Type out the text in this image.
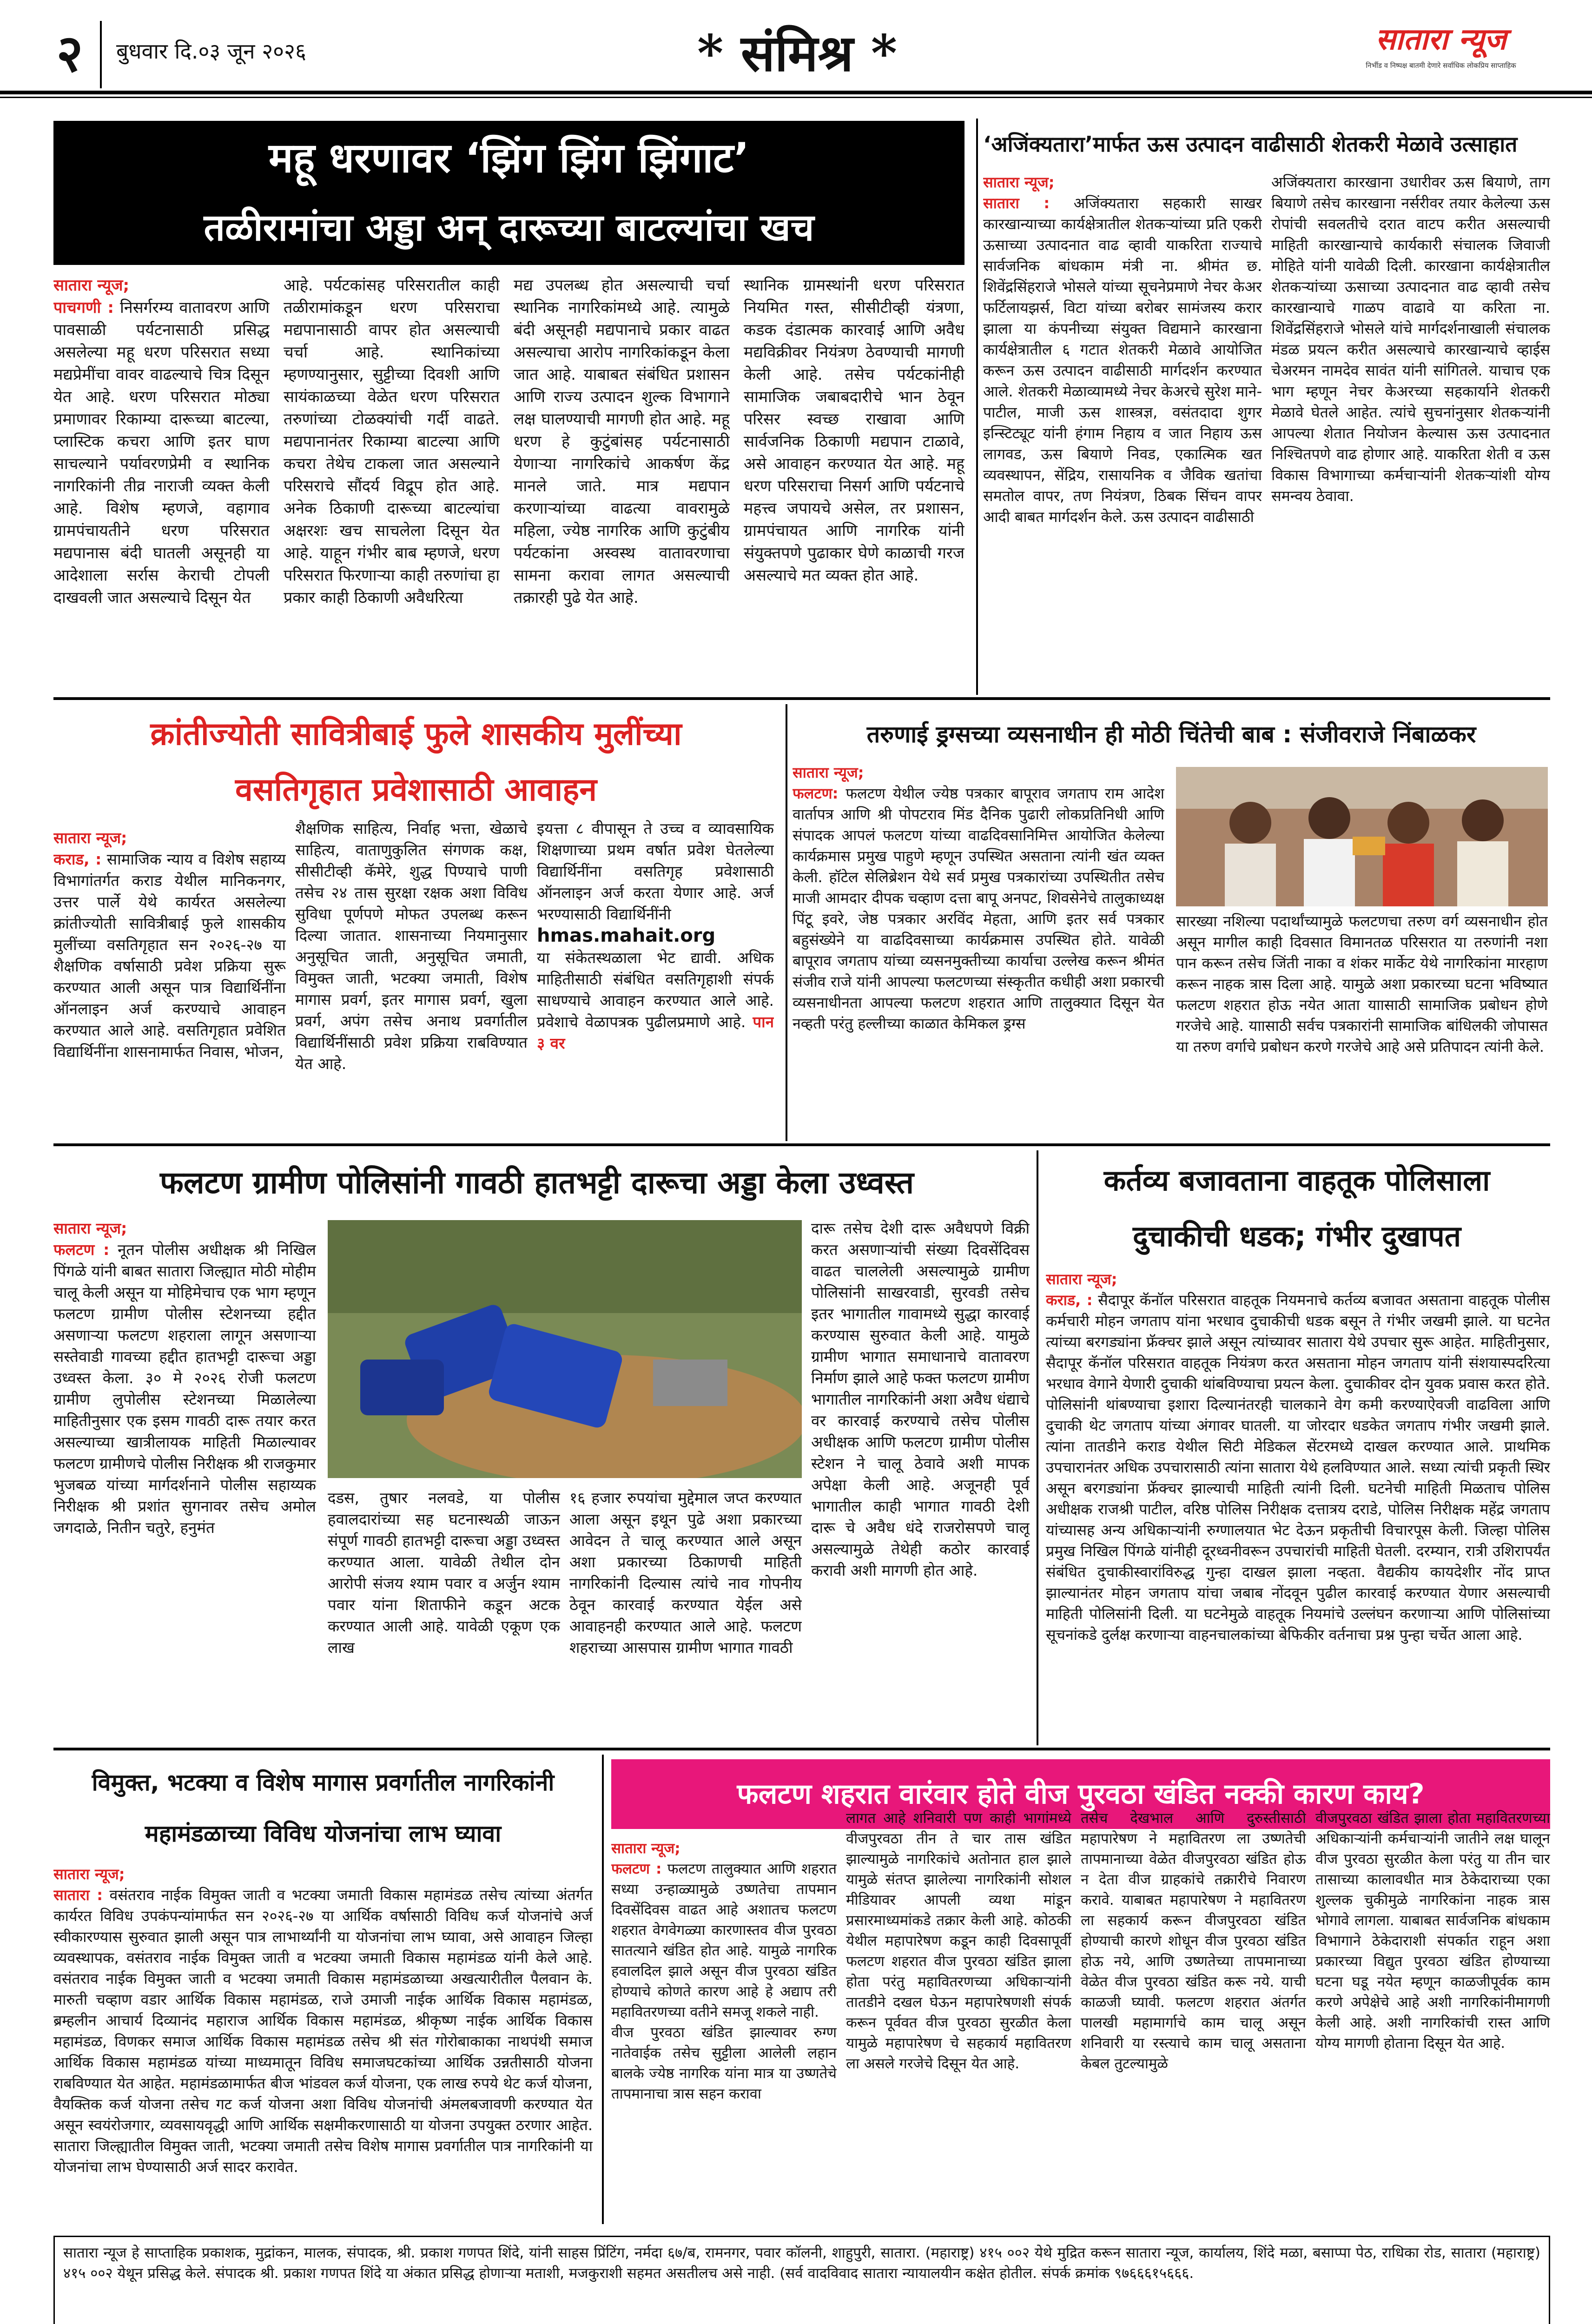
२	बुधवार दि.०३ जून २०२६	* संमिश्र *	सातारा न्यूज
निर्भीड व निष्पक्ष बातमी देणारे सर्वाधिक लोकप्रिय साप्ताहिक
महू धरणावर ‘झिंग झिंग झिंगाट’
तळीरामांचा अड्डा अन् दारूच्या बाटल्यांचा खच
सातारा न्यूज;
पाचगणी : निसर्गरम्य वातावरण आणि पावसाळी पर्यटनासाठी प्रसिद्ध असलेल्या महू धरण परिसरात सध्या मद्यप्रेमींचा वावर वाढल्याचे चित्र दिसून येत आहे. धरण परिसरात मोठ्या प्रमाणावर रिकाम्या दारूच्या बाटल्या, प्लास्टिक कचरा आणि इतर घाण साचल्याने पर्यावरणप्रेमी व स्थानिक नागरिकांनी तीव्र नाराजी व्यक्त केली आहे. विशेष म्हणजे, वहागाव ग्रामपंचायतीने धरण परिसरात मद्यपानास बंदी घातली असूनही या आदेशाला सर्रास केराची टोपली दाखवली जात असल्याचे दिसून येत
आहे. पर्यटकांसह परिसरातील काही तळीरामांकडून धरण परिसराचा मद्यपानासाठी वापर होत असल्याची चर्चा आहे. स्थानिकांच्या म्हणण्यानुसार, सुट्टीच्या दिवशी आणि सायंकाळच्या वेळेत धरण परिसरात तरुणांच्या टोळक्यांची गर्दी वाढते. मद्यपानानंतर रिकाम्या बाटल्या आणि कचरा तेथेच टाकला जात असल्याने परिसराचे सौंदर्य विद्रूप होत आहे. अनेक ठिकाणी दारूच्या बाटल्यांचा अक्षरशः खच साचलेला दिसून येत आहे. याहून गंभीर बाब म्हणजे, धरण परिसरात फिरणाऱ्या काही तरुणांचा हा प्रकार काही ठिकाणी अवैधरित्या
मद्य उपलब्ध होत असल्याची चर्चा स्थानिक नागरिकांमध्ये आहे. त्यामुळे बंदी असूनही मद्यपानाचे प्रकार वाढत असल्याचा आरोप नागरिकांकडून केला जात आहे. याबाबत संबंधित प्रशासन आणि राज्य उत्पादन शुल्क विभागाने लक्ष घालण्याची मागणी होत आहे. महू धरण हे कुटुंबांसह पर्यटनासाठी येणाऱ्या नागरिकांचे आकर्षण केंद्र मानले जाते. मात्र मद्यपान करणाऱ्यांच्या वाढत्या वावरामुळे महिला, ज्येष्ठ नागरिक आणि कुटुंबीय पर्यटकांना अस्वस्थ वातावरणाचा सामना करावा लागत असल्याची तक्रारही पुढे येत आहे.
स्थानिक ग्रामस्थांनी धरण परिसरात नियमित गस्त, सीसीटीव्ही यंत्रणा, कडक दंडात्मक कारवाई आणि अवैध मद्यविक्रीवर नियंत्रण ठेवण्याची मागणी केली आहे. तसेच पर्यटकांनीही सामाजिक जबाबदारीचे भान ठेवून परिसर स्वच्छ राखावा आणि सार्वजनिक ठिकाणी मद्यपान टाळावे, असे आवाहन करण्यात येत आहे. महू धरण परिसराचा निसर्ग आणि पर्यटनाचे महत्त्व जपायचे असेल, तर प्रशासन, ग्रामपंचायत आणि नागरिक यांनी संयुक्तपणे पुढाकार घेणे काळाची गरज असल्याचे मत व्यक्त होत आहे.
‘अजिंक्यतारा’मार्फत ऊस उत्पादन वाढीसाठी शेतकरी मेळावे उत्साहात
सातारा न्यूज;
सातारा : अजिंक्यतारा सहकारी साखर कारखान्याच्या कार्यक्षेत्रातील शेतकऱ्यांच्या प्रति एकरी ऊसाच्या उत्पादनात वाढ व्हावी याकरिता राज्याचे सार्वजनिक बांधकाम मंत्री ना. श्रीमंत छ. शिवेंद्रसिंहराजे भोसले यांच्या सूचनेप्रमाणे नेचर केअर फर्टिलायझर्स, विटा यांच्या बरोबर सामंजस्य करार झाला या कंपनीच्या संयुक्त विद्यमाने कारखाना कार्यक्षेत्रातील ६ गटात शेतकरी मेळावे आयोजित करून ऊस उत्पादन वाढीसाठी मार्गदर्शन करण्यात आले. शेतकरी मेळाव्यामध्ये नेचर केअरचे सुरेश माने-पाटील, माजी ऊस शास्त्रज्ञ, वसंतदादा शुगर इन्स्टिट्यूट यांनी हंगाम निहाय व जात निहाय ऊस लागवड, ऊस बियाणे निवड, एकात्मिक खत व्यवस्थापन, सेंद्रिय, रासायनिक व जैविक खतांचा समतोल वापर, तण नियंत्रण, ठिबक सिंचन वापर आदी बाबत मार्गदर्शन केले. ऊस उत्पादन वाढीसाठी
अजिंक्यतारा कारखाना उधारीवर ऊस बियाणे, ताग बियाणे तसेच कारखाना नर्सरीवर तयार केलेल्या ऊस रोपांची सवलतीचे दरात वाटप करीत असल्याची माहिती कारखान्याचे कार्यकारी संचालक जिवाजी मोहिते यांनी यावेळी दिली. कारखाना कार्यक्षेत्रातील शेतकऱ्यांच्या ऊसाच्या उत्पादनात वाढ व्हावी तसेच कारखान्याचे गाळप वाढावे या करिता ना. शिवेंद्रसिंहराजे भोसले यांचे मार्गदर्शनाखाली संचालक मंडळ प्रयत्न करीत असल्याचे कारखान्याचे व्हाईस चेअरमन नामदेव सावंत यांनी सांगितले. याचाच एक भाग म्हणून नेचर केअरच्या सहकार्याने शेतकरी मेळावे घेतले आहेत. त्यांचे सुचनांनुसार शेतकऱ्यांनी आपल्या शेतात नियोजन केल्यास ऊस उत्पादनात निश्चितपणे वाढ होणार आहे. याकरिता शेती व ऊस विकास विभागाच्या कर्मचाऱ्यांनी शेतकऱ्यांशी योग्य समन्वय ठेवावा.
क्रांतीज्योती सावित्रीबाई फुले शासकीय मुलींच्या
वसतिगृहात प्रवेशासाठी आवाहन
सातारा न्यूज;
कराड, : सामाजिक न्याय व विशेष सहाय्य विभागांतर्गत कराड येथील मानिकनगर, उत्तर पार्ले येथे कार्यरत असलेल्या क्रांतीज्योती सावित्रीबाई फुले शासकीय मुलींच्या वसतिगृहात सन २०२६-२७ या शैक्षणिक वर्षासाठी प्रवेश प्रक्रिया सुरू करण्यात आली असून पात्र विद्यार्थिनींना ऑनलाइन अर्ज करण्याचे आवाहन करण्यात आले आहे. वसतिगृहात प्रवेशित विद्यार्थिनींना शासनामार्फत निवास, भोजन,
शैक्षणिक साहित्य, निर्वाह भत्ता, खेळाचे साहित्य, वाताणुकुलित संगणक कक्ष, सीसीटीव्ही कॅमेरे, शुद्ध पिण्याचे पाणी तसेच २४ तास सुरक्षा रक्षक अशा विविध सुविधा पूर्णपणे मोफत उपलब्ध करून दिल्या जातात. शासनाच्या नियमानुसार अनुसूचित जाती, अनुसूचित जमाती, विमुक्त जाती, भटक्या जमाती, विशेष मागास प्रवर्ग, इतर मागास प्रवर्ग, खुला प्रवर्ग, अपंग तसेच अनाथ प्रवर्गातील विद्यार्थिनींसाठी प्रवेश प्रक्रिया राबविण्यात येत आहे.
इयत्ता ८ वीपासून ते उच्च व व्यावसायिक शिक्षणाच्या प्रथम वर्षात प्रवेश घेतलेल्या विद्यार्थिनींना वसतिगृह प्रवेशासाठी ऑनलाइन अर्ज करता येणार आहे. अर्ज भरण्यासाठी विद्यार्थिनींनी
hmas.mahait.org
या संकेतस्थळाला भेट द्यावी. अधिक माहितीसाठी संबंधित वसतिगृहाशी संपर्क साधण्याचे आवाहन करण्यात आले आहे. प्रवेशाचे वेळापत्रक पुढीलप्रमाणे आहे. पान ३ वर
तरुणाई ड्रग्सच्या व्यसनाधीन ही मोठी चिंतेची बाब : संजीवराजे निंबाळकर
सातारा न्यूज;
फलटण: फलटण येथील ज्येष्ठ पत्रकार बापूराव जगताप राम आदेश वार्तापत्र आणि श्री पोपटराव मिंड दैनिक पुढारी लोकप्रतिनिधी आणि संपादक आपलं फलटण यांच्या वाढदिवसानिमित्त आयोजित केलेल्या कार्यक्रमास प्रमुख पाहुणे म्हणून उपस्थित असताना त्यांनी खंत व्यक्त केली. हॉटेल सेलिब्रेशन येथे सर्व प्रमुख पत्रकारांच्या उपस्थितीत तसेच माजी आमदार दीपक चव्हाण दत्ता बापू अनपट, शिवसेनेचे तालुकाध्यक्ष पिंटू इवरे, जेष्ठ पत्रकार अरविंद मेहता, आणि इतर सर्व पत्रकार बहुसंख्येने या वाढदिवसाच्या कार्यक्रमास उपस्थित होते. यावेळी बापूराव जगताप यांच्या व्यसनमुक्तीच्या कार्याचा उल्लेख करून श्रीमंत संजीव राजे यांनी आपल्या फलटणच्या संस्कृतीत कधीही अशा प्रकारची व्यसनाधीनता आपल्या फलटण शहरात आणि तालुक्यात दिसून येत नव्हती परंतु हल्लीच्या काळात केमिकल ड्रग्स
सारख्या नशिल्या पदार्थांच्यामुळे फलटणचा तरुण वर्ग व्यसनाधीन होत असून मागील काही दिवसात विमानतळ परिसरात या तरुणांनी नशा पान करून तसेच जिंती नाका व शंकर मार्केट येथे नागरिकांना मारहाण करून नाहक त्रास दिला आहे. यामुळे अशा प्रकारच्या घटना भविष्यात फलटण शहरात होऊ नयेत आता याासाठी सामाजिक प्रबोधन होणे गरजेचे आहे. याासाठी सर्वच पत्रकारांनी सामाजिक बांधिलकी जोपासत या तरुण वर्गाचे प्रबोधन करणे गरजेचे आहे असे प्रतिपादन त्यांनी केले.
फलटण ग्रामीण पोलिसांनी गावठी हातभट्टी दारूचा अड्डा केला उध्वस्त
सातारा न्यूज;
फलटण : नूतन पोलीस अधीक्षक श्री निखिल पिंगळे यांनी बाबत सातारा जिल्ह्यात मोठी मोहीम चालू केली असून या मोहिमेचाच एक भाग म्हणून फलटण ग्रामीण पोलीस स्टेशनच्या हद्दीत असणाऱ्या फलटण शहराला लागून असणाऱ्या सस्तेवाडी गावच्या हद्दीत हातभट्टी दारूचा अड्डा उध्वस्त केला. ३० मे २०२६ रोजी फलटण ग्रामीण लुपोलीस स्टेशनच्या मिळालेल्या माहितीनुसार एक इसम गावठी दारू तयार करत असल्याच्या खात्रीलायक माहिती मिळाल्यावर फलटण ग्रामीणचे पोलीस निरीक्षक श्री राजकुमार भुजबळ यांच्या मार्गदर्शनाने पोलीस सहाय्यक निरीक्षक श्री प्रशांत सुगनावर तसेच अमोल जगदाळे, नितीन चतुरे, हनुमंत
दडस, तुषार नलवडे, या पोलीस हवालदारांच्या सह घटनास्थळी जाऊन संपूर्ण गावठी हातभट्टी दारूचा अड्डा उध्वस्त करण्यात आला. यावेळी तेथील दोन आरोपी संजय श्याम पवार व अर्जुन श्याम पवार यांना शिताफीने कडून अटक करण्यात आली आहे. यावेळी एकूण एक लाख
१६ हजार रुपयांचा मुद्देमाल जप्त करण्यात आला असून इथून पुढे अशा प्रकारच्या आवेदन ते चालू करण्यात आले असून अशा प्रकारच्या ठिकाणची माहिती नागरिकांनी दिल्यास त्यांचे नाव गोपनीय ठेवून कारवाई करण्यात येईल असे आवाहनही करण्यात आले आहे. फलटण शहराच्या आसपास ग्रामीण भागात गावठी
दारू तसेच देशी दारू अवैधपणे विक्री करत असणाऱ्यांची संख्या दिवसेंदिवस वाढत चाललेली असल्यामुळे ग्रामीण पोलिसांनी साखरवाडी, सुरवडी तसेच इतर भागातील गावामध्ये सुद्धा कारवाई करण्यास सुरुवात केली आहे. यामुळे ग्रामीण भागात समाधानाचे वातावरण निर्माण झाले आहे फक्त फलटण ग्रामीण भागातील नागरिकांनी अशा अवैध धंद्याचे वर कारवाई करण्याचे तसेच पोलीस अधीक्षक आणि फलटण ग्रामीण पोलीस स्टेशन ने चालू ठेवावे अशी मापक अपेक्षा केली आहे. अजूनही पूर्व भागातील काही भागात गावठी देशी दारू चे अवैध धंदे राजरोसपणे चालू असल्यामुळे तेथेही कठोर कारवाई करावी अशी मागणी होत आहे.
कर्तव्य बजावताना वाहतूक पोलिसाला
दुचाकीची धडक; गंभीर दुखापत
सातारा न्यूज;
कराड, : सैदापूर कॅनॉल परिसरात वाहतूक नियमनाचे कर्तव्य बजावत असताना वाहतूक पोलीस कर्मचारी मोहन जगताप यांना भरधाव दुचाकीची धडक बसून ते गंभीर जखमी झाले. या घटनेत त्यांच्या बरगड्यांना फ्रॅक्चर झाले असून त्यांच्यावर सातारा येथे उपचार सुरू आहेत. माहितीनुसार, सैदापूर कॅनॉल परिसरात वाहतूक नियंत्रण करत असताना मोहन जगताप यांनी संशयास्पदरित्या भरधाव वेगाने येणारी दुचाकी थांबविण्याचा प्रयत्न केला. दुचाकीवर दोन युवक प्रवास करत होते. पोलिसांनी थांबण्याचा इशारा दिल्यानंतरही चालकाने वेग कमी करण्याऐवजी वाढविला आणि दुचाकी थेट जगताप यांच्या अंगावर घातली. या जोरदार धडकेत जगताप गंभीर जखमी झाले. त्यांना तातडीने कराड येथील सिटी मेडिकल सेंटरमध्ये दाखल करण्यात आले. प्राथमिक उपचारानंतर अधिक उपचारासाठी त्यांना सातारा येथे हलविण्यात आले. सध्या त्यांची प्रकृती स्थिर असून बरगड्यांना फ्रॅक्चर झाल्याची माहिती त्यांनी दिली. घटनेची माहिती मिळताच पोलिस अधीक्षक राजश्री पाटील, वरिष्ठ पोलिस निरीक्षक दत्तात्रय दराडे, पोलिस निरीक्षक महेंद्र जगताप यांच्यासह अन्य अधिकाऱ्यांनी रुग्णालयात भेट देऊन प्रकृतीची विचारपूस केली. जिल्हा पोलिस प्रमुख निखिल पिंगळे यांनीही दूरध्वनीवरून उपचारांची माहिती घेतली. दरम्यान, रात्री उशिरापर्यंत संबंधित दुचाकीस्वारांविरुद्ध गुन्हा दाखल झाला नव्हता. वैद्यकीय कायदेशीर नोंद प्राप्त झाल्यानंतर मोहन जगताप यांचा जबाब नोंदवून पुढील कारवाई करण्यात येणार असल्याची माहिती पोलिसांनी दिली. या घटनेमुळे वाहतूक नियमांचे उल्लंघन करणाऱ्या आणि पोलिसांच्या सूचनांकडे दुर्लक्ष करणाऱ्या वाहनचालकांच्या बेफिकीर वर्तनाचा प्रश्न पुन्हा चर्चेत आला आहे.
विमुक्त, भटक्या व विशेष मागास प्रवर्गातील नागरिकांनी
महामंडळाच्या विविध योजनांचा लाभ घ्यावा
सातारा न्यूज;
सातारा : वसंतराव नाईक विमुक्त जाती व भटक्या जमाती विकास महामंडळ तसेच त्यांच्या अंतर्गत कार्यरत विविध उपकंपन्यांमार्फत सन २०२६-२७ या आर्थिक वर्षासाठी विविध कर्ज योजनांचे अर्ज स्वीकारण्यास सुरुवात झाली असून पात्र लाभार्थ्यांनी या योजनांचा लाभ घ्यावा, असे आवाहन जिल्हा व्यवस्थापक, वसंतराव नाईक विमुक्त जाती व भटक्या जमाती विकास महामंडळ यांनी केले आहे. वसंतराव नाईक विमुक्त जाती व भटक्या जमाती विकास महामंडळाच्या अखत्यारीतील पैलवान के. मारुती चव्हाण वडार आर्थिक विकास महामंडळ, राजे उमाजी नाईक आर्थिक विकास महामंडळ, ब्रम्हलीन आचार्य दिव्यानंद महाराज आर्थिक विकास महामंडळ, श्रीकृष्ण नाईक आर्थिक विकास महामंडळ, विणकर समाज आर्थिक विकास महामंडळ तसेच श्री संत गोरोबाकाका नाथपंथी समाज आर्थिक विकास महामंडळ यांच्या माध्यमातून विविध समाजघटकांच्या आर्थिक उन्नतीसाठी योजना राबविण्यात येत आहेत. महामंडळामार्फत बीज भांडवल कर्ज योजना, एक लाख रुपये थेट कर्ज योजना, वैयक्तिक कर्ज योजना तसेच गट कर्ज योजना अशा विविध योजनांची अंमलबजावणी करण्यात येत असून स्वयंरोजगार, व्यवसायवृद्धी आणि आर्थिक सक्षमीकरणासाठी या योजना उपयुक्त ठरणार आहेत. सातारा जिल्ह्यातील विमुक्त जाती, भटक्या जमाती तसेच विशेष मागास प्रवर्गातील पात्र नागरिकांनी या योजनांचा लाभ घेण्यासाठी अर्ज सादर करावेत.
फलटण शहरात वारंवार होते वीज पुरवठा खंडित नक्की कारण काय?
सातारा न्यूज;
फलटण : फलटण तालुक्यात आणि शहरात सध्या उन्हाळ्यामुळे उष्णतेचा तापमान दिवसेंदिवस वाढत आहे अशातच फलटण शहरात वेगवेगळ्या कारणास्तव वीज पुरवठा सातत्याने खंडित होत आहे. यामुळे नागरिक हवालदिल झाले असून वीज पुरवठा खंडित होण्याचे कोणते कारण आहे हे अद्याप तरी महावितरणच्या वतीने समजू शकले नाही.
वीज पुरवठा खंडित झाल्यावर रुग्ण नातेवाईक तसेच सुट्टीला आलेली लहान बालके ज्येष्ठ नागरिक यांना मात्र या उष्णतेचे तापमानाचा त्रास सहन करावा
लागत आहे शनिवारी पण काही भागांमध्ये वीजपुरवठा तीन ते चार तास खंडित झाल्यामुळे नागरिकांचे अतोनात हाल झाले यामुळे संतप्त झालेल्या नागरिकांनी सोशल मीडियावर आपली व्यथा मांडून प्रसारमाध्यमांकडे तक्रार केली आहे. कोठकी येथील महापारेषण कडून काही दिवसापूर्वी फलटण शहरात वीज पुरवठा खंडित झाला होता परंतु महावितरणच्या अधिकाऱ्यांनी तातडीने दखल घेऊन महापारेषणशी संपर्क करून पूर्ववत वीज पुरवठा सुरळीत केला यामुळे महापारेषण चे सहकार्य महावितरण ला असले गरजेचे दिसून येत आहे.
तसेच देखभाल आणि दुरुस्तीसाठी महापारेषण ने महावितरण ला उष्णतेची तापमानाच्या वेळेत वीजपुरवठा खंडित होऊ न देता वीज ग्राहकांचे तक्रारीचे निवारण करावे. याबाबत महापारेषण ने महावितरण ला सहकार्य करून वीजपुरवठा खंडित होण्याची कारणे शोधून वीज पुरवठा खंडित होऊ नये, आणि उष्णतेच्या तापमानाच्या वेळेत वीज पुरवठा खंडित करू नये. याची काळजी घ्यावी. फलटण शहरात अंतर्गत पालखी महामार्गाचे काम चालू असून शनिवारी या रस्त्याचे काम चालू असताना केबल तुटल्यामुळे
वीजपुरवठा खंडित झाला होता महावितरणच्या अधिकाऱ्यांनी कर्मचाऱ्यांनी जातीने लक्ष घालून वीज पुरवठा सुरळीत केला परंतु या तीन चार तासाच्या कालावधीत मात्र ठेकेदाराच्या एका शुल्लक चुकीमुळे नागरिकांना नाहक त्रास भोगावे लागला. याबाबत सार्वजनिक बांधकाम विभागाने ठेकेदाराशी संपर्कात राहून अशा प्रकारच्या विद्युत पुरवठा खंडित होण्याच्या घटना घडू नयेत म्हणून काळजीपूर्वक काम करणे अपेक्षेचे आहे अशी नागरिकांनीमागणी केली आहे. अशी नागरिकांची रास्त आणि योग्य मागणी होताना दिसून येत आहे.
सातारा न्यूज हे साप्ताहिक प्रकाशक, मुद्रांकन, मालक, संपादक, श्री. प्रकाश गणपत शिंदे, यांनी साहस प्रिंटिंग, नर्मदा ६७/ब, रामनगर, पवार कॉलनी, शाहुपुरी, सातारा. (महाराष्ट्र) ४१५ ००२ येथे मुद्रित करून सातारा न्यूज, कार्यालय, शिंदे मळा, बसाप्पा पेठ, राधिका रोड, सातारा (महाराष्ट्र) ४१५ ००२ येथून प्रसिद्ध केले. संपादक श्री. प्रकाश गणपत शिंदे या अंकात प्रसिद्ध होणाऱ्या मताशी, मजकुराशी सहमत असतीलच असे नाही. (सर्व वादविवाद सातारा न्यायालयीन कक्षेत होतील. संपर्क क्रमांक ९७६६६१५६६६.
